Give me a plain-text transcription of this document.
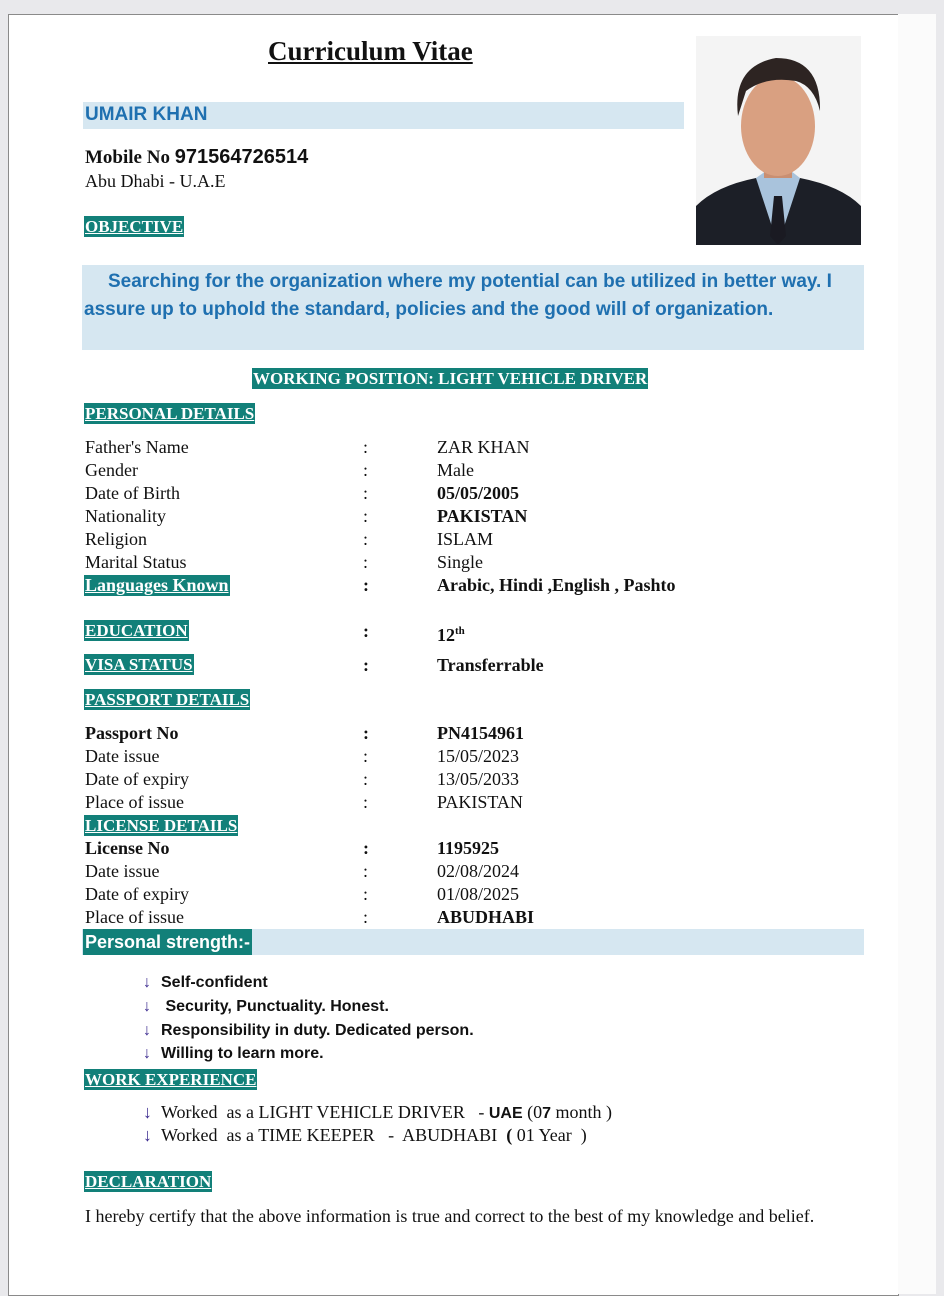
Curriculum Vitae
UMAIR KHAN
Mobile No 971564726514
Abu Dhabi - U.A.E
OBJECTIVE
Searching for the organization where my potential can be utilized in better way. I assure up to uphold the standard, policies and the good will of organization.
WORKING POSITION: LIGHT VEHICLE DRIVER
PERSONAL DETAILS
Father's Name	:	ZAR KHAN
Gender	:	Male
Date of Birth	:	05/05/2005
Nationality	:	PAKISTAN
Religion	:	ISLAM
Marital Status	:	Single
Languages Known	:	Arabic, Hindi ,English , Pashto
EDUCATION	:	12th
VISA STATUS	:	Transferrable
PASSPORT DETAILS
Passport No	:	PN4154961
Date issue	:	15/05/2023
Date of expiry	:	13/05/2033
Place of issue	:	PAKISTAN
LICENSE DETAILS
License No	:	1195925
Date issue	:	02/08/2024
Date of expiry	:	01/08/2025
Place of issue	:	ABUDHABI
Personal strength:-
↓ Self-confident
↓ Security, Punctuality. Honest.
↓ Responsibility in duty. Dedicated person.
↓ Willing to learn more.
WORK EXPERIENCE
↓ Worked  as a LIGHT VEHICLE DRIVER   - UAE (07 month )
↓ Worked  as a TIME KEEPER   -  ABUDHABI  ( 01 Year  )
DECLARATION
I hereby certify that the above information is true and correct to the best of my knowledge and belief.
